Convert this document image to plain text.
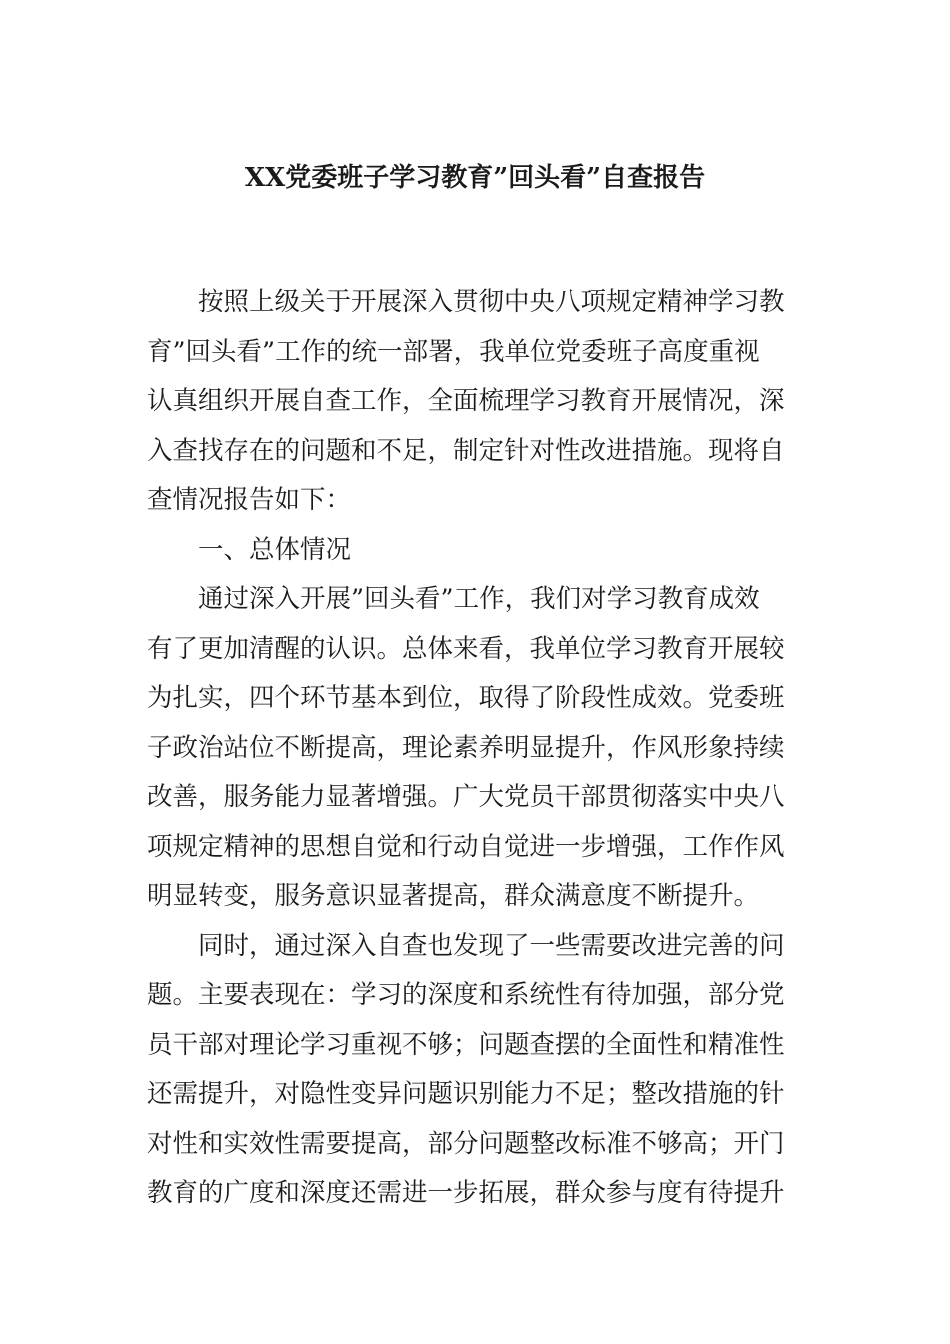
XX党委班子学习教育”回头看”自查报告

按照上级关于开展深入贯彻中央八项规定精神学习教
育”回头看”工作的统一部署，我单位党委班子高度重视
认真组织开展自查工作，全面梳理学习教育开展情况，深
入查找存在的问题和不足，制定针对性改进措施。现将自
查情况报告如下：

一、总体情况

通过深入开展”回头看”工作，我们对学习教育成效
有了更加清醒的认识。总体来看，我单位学习教育开展较
为扎实，四个环节基本到位，取得了阶段性成效。党委班
子政治站位不断提高，理论素养明显提升，作风形象持续
改善，服务能力显著增强。广大党员干部贯彻落实中央八
项规定精神的思想自觉和行动自觉进一步增强，工作作风
明显转变，服务意识显著提高，群众满意度不断提升。

同时，通过深入自查也发现了一些需要改进完善的问
题。主要表现在：学习的深度和系统性有待加强，部分党
员干部对理论学习重视不够；问题查摆的全面性和精准性
还需提升，对隐性变异问题识别能力不足；整改措施的针
对性和实效性需要提高，部分问题整改标准不够高；开门
教育的广度和深度还需进一步拓展，群众参与度有待提升
